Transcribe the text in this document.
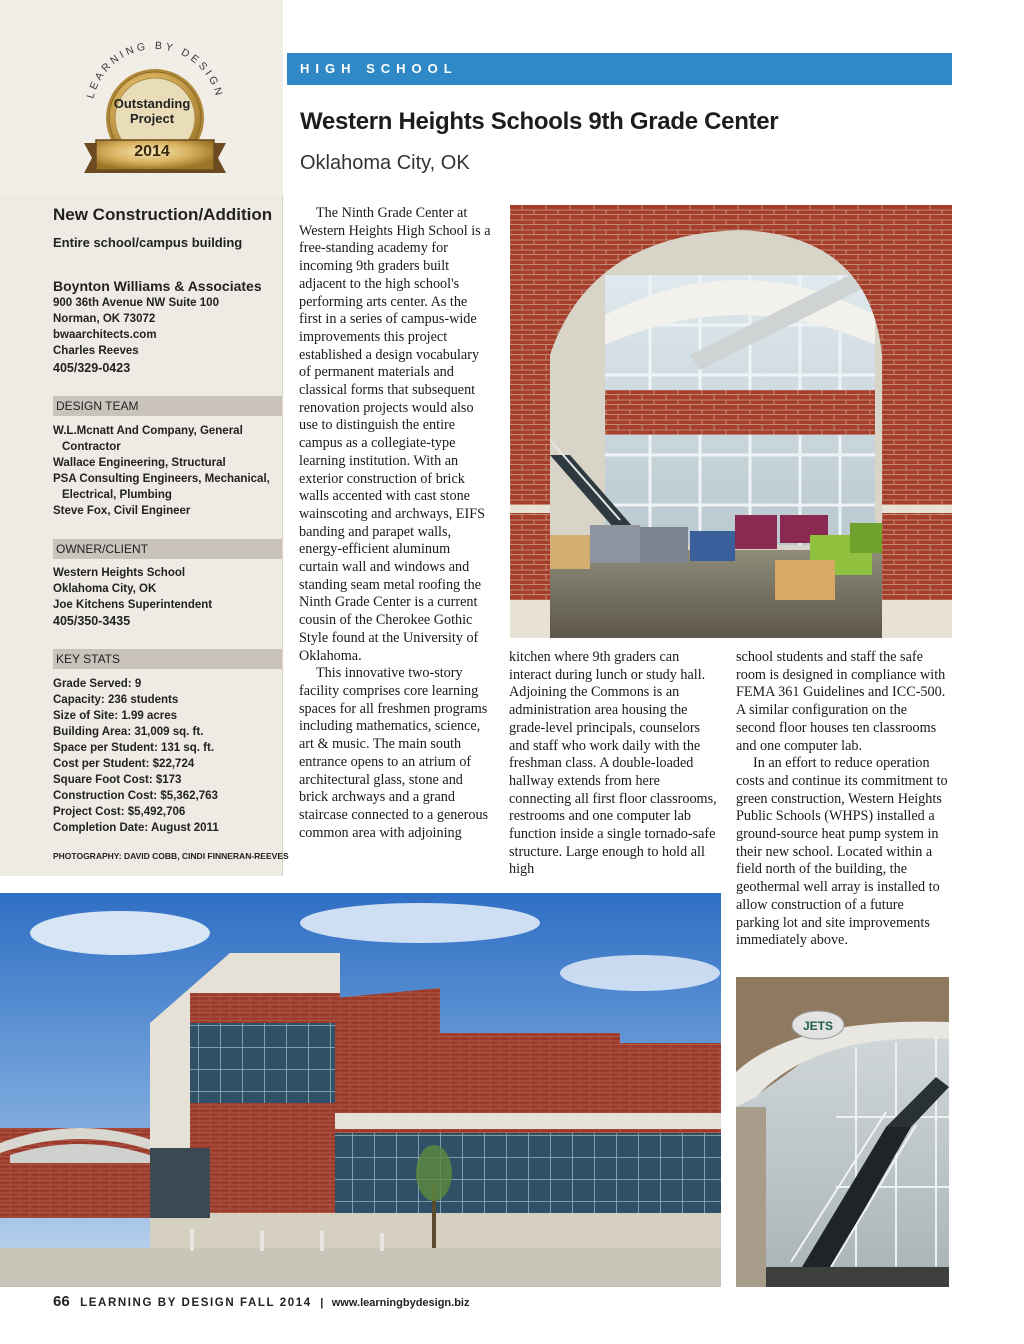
LEARNING BY DESIGN
Outstanding
Project
2014
New Construction/Addition
Entire school/campus building
Boynton Williams & Associates
900 36th Avenue NW Suite 100
Norman, OK 73072
bwaarchitects.com
Charles Reeves
405/329-0423
DESIGN TEAM
W.L.Mcnatt And Company, General Contractor
Wallace Engineering, Structural
PSA Consulting Engineers, Mechanical, Electrical, Plumbing
Steve Fox, Civil Engineer
OWNER/CLIENT
Western Heights School
Oklahoma City, OK
Joe Kitchens Superintendent
405/350-3435
KEY STATS
Grade Served: 9
Capacity: 236 students
Size of Site: 1.99 acres
Building Area: 31,009 sq. ft.
Space per Student: 131 sq. ft.
Cost per Student: $22,724
Square Foot Cost: $173
Construction Cost: $5,362,763
Project Cost: $5,492,706
Completion Date: August 2011
PHOTOGRAPHY: DAVID COBB, CINDI FINNERAN-REEVES
HIGH SCHOOL
Western Heights Schools 9th Grade Center
Oklahoma City, OK

The Ninth Grade Center at Western Heights High School is a free-standing academy for incoming 9th graders built adjacent to the high school's performing arts center. As the first in a series of campus-wide improvements this project established a design vocabulary of permanent materials and classical forms that subsequent renovation projects would also use to distinguish the entire campus as a collegiate-type learning institution. With an exterior construction of brick walls accented with cast stone wainscoting and archways, EIFS banding and parapet walls, energy-efficient aluminum curtain wall and windows and standing seam metal roofing the Ninth Grade Center is a current cousin of the Cherokee Gothic Style found at the University of Oklahoma.

This innovative two-story facility comprises core learning spaces for all freshmen programs including mathematics, science, art & music. The main south entrance opens to an atrium of architectural glass, stone and brick archways and a grand staircase connected to a generous common area with adjoining

kitchen where 9th graders can interact during lunch or study hall. Adjoining the Commons is an administration area housing the grade-level principals, counselors and staff who work daily with the freshman class. A double-loaded hallway extends from here connecting all first floor classrooms, restrooms and one computer lab function inside a single tornado-safe structure. Large enough to hold all high

school students and staff the safe room is designed in compliance with FEMA 361 Guidelines and ICC-500. A similar configuration on the second floor houses ten classrooms and one computer lab.

In an effort to reduce operation costs and continue its commitment to green construction, Western Heights Public Schools (WHPS) installed a ground-source heat pump system in their new school. Located within a field north of the building, the geothermal well array is installed to allow construction of a future parking lot and site improvements immediately above.

JETS
66 LEARNING BY DESIGN FALL 2014 | www.learningbydesign.biz
